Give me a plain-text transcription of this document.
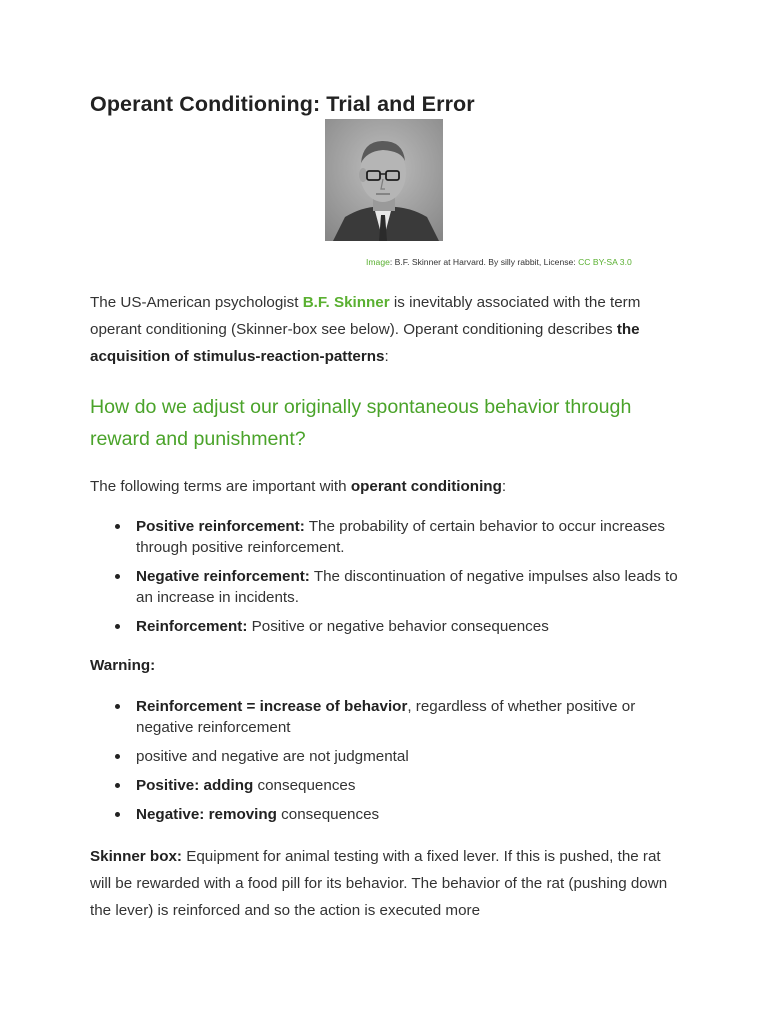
Operant Conditioning: Trial and Error
Image: B.F. Skinner at Harvard. By silly rabbit, License: CC BY-SA 3.0

The US-American psychologist B.F. Skinner is inevitably associated with the term operant conditioning (Skinner-box see below). Operant conditioning describes the acquisition of stimulus-reaction-patterns:

How do we adjust our originally spontaneous behavior through reward and punishment?

The following terms are important with operant conditioning:

Positive reinforcement: The probability of certain behavior to occur increases through positive reinforcement.
Negative reinforcement: The discontinuation of negative impulses also leads to an increase in incidents.
Reinforcement: Positive or negative behavior consequences

Warning:

Reinforcement = increase of behavior, regardless of whether positive or negative reinforcement
positive and negative are not judgmental
Positive: adding consequences
Negative: removing consequences

Skinner box: Equipment for animal testing with a fixed lever. If this is pushed, the rat will be rewarded with a food pill for its behavior. The behavior of the rat (pushing down the lever) is reinforced and so the action is executed more
